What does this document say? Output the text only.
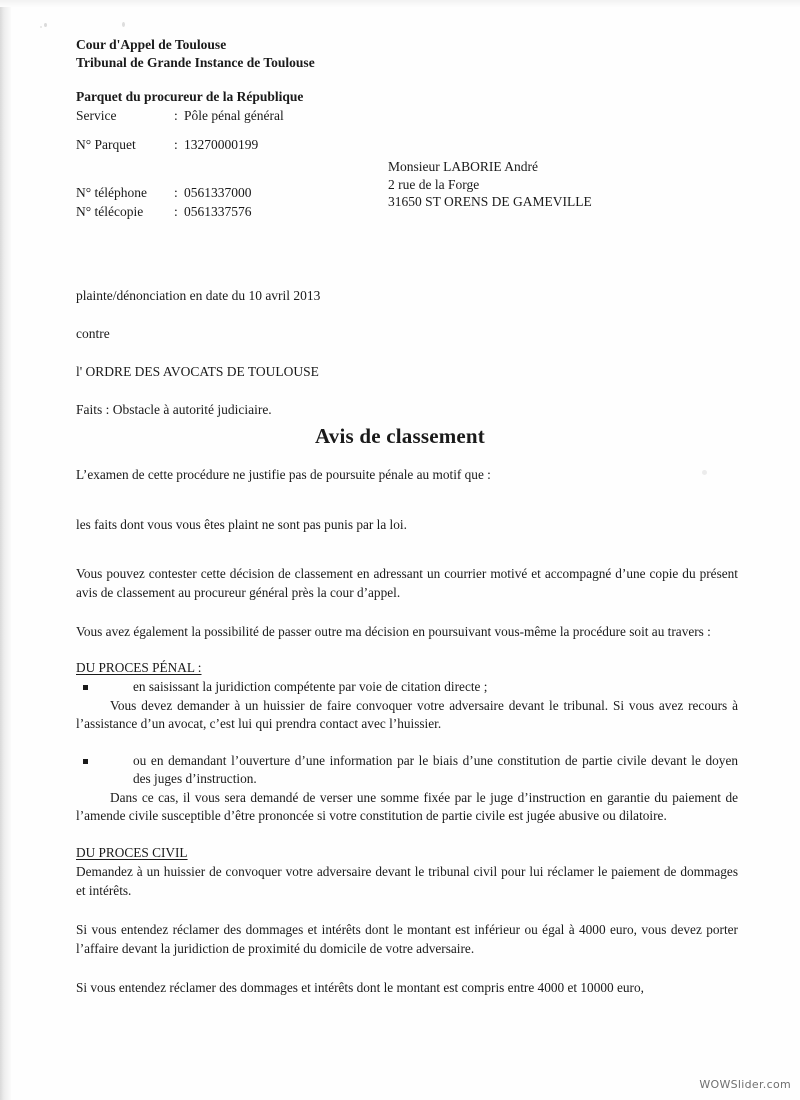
Cour d'Appel de Toulouse
Tribunal de Grande Instance de Toulouse
Parquet du procureur de la République
Service	: Pôle pénal général
N° Parquet	: 13270000199
N° téléphone : 0561337000
N° télécopie : 0561337576
Monsieur LABORIE André
2 rue de la Forge
31650 ST ORENS DE GAMEVILLE
plainte/dénonciation en date du 10 avril 2013
contre
l' ORDRE DES AVOCATS DE TOULOUSE
Faits : Obstacle à autorité judiciaire.
Avis de classement

L’examen de cette procédure ne justifie pas de poursuite pénale au motif que :

les faits dont vous vous êtes plaint ne sont pas punis par la loi.

Vous pouvez contester cette décision de classement en adressant un courrier motivé et accompagné d’une copie du présent avis de classement au procureur général près la cour d’appel.

Vous avez également la possibilité de passer outre ma décision en poursuivant vous-même la procédure soit au travers :

DU PROCES PÉNAL :

en saisissant la juridiction compétente par voie de citation directe ;

Vous devez demander à un huissier de faire convoquer votre adversaire devant le tribunal. Si vous avez recours à l’assistance d’un avocat, c’est lui qui prendra contact avec l’huissier.

ou en demandant l’ouverture d’une information par le biais d’une constitution de partie civile devant le doyen des juges d’instruction.

Dans ce cas, il vous sera demandé de verser une somme fixée par le juge d’instruction en garantie du paiement de l’amende civile susceptible d’être prononcée si votre constitution de partie civile est jugée abusive ou dilatoire.

DU PROCES CIVIL

Demandez à un huissier de convoquer votre adversaire devant le tribunal civil pour lui réclamer le paiement de dommages et intérêts.

Si vous entendez réclamer des dommages et intérêts dont le montant est inférieur ou égal à 4000 euro, vous devez porter l’affaire devant la juridiction de proximité du domicile de votre adversaire.

Si vous entendez réclamer des dommages et intérêts dont le montant est compris entre 4000 et 10000 euro,

WOWSlider.com
